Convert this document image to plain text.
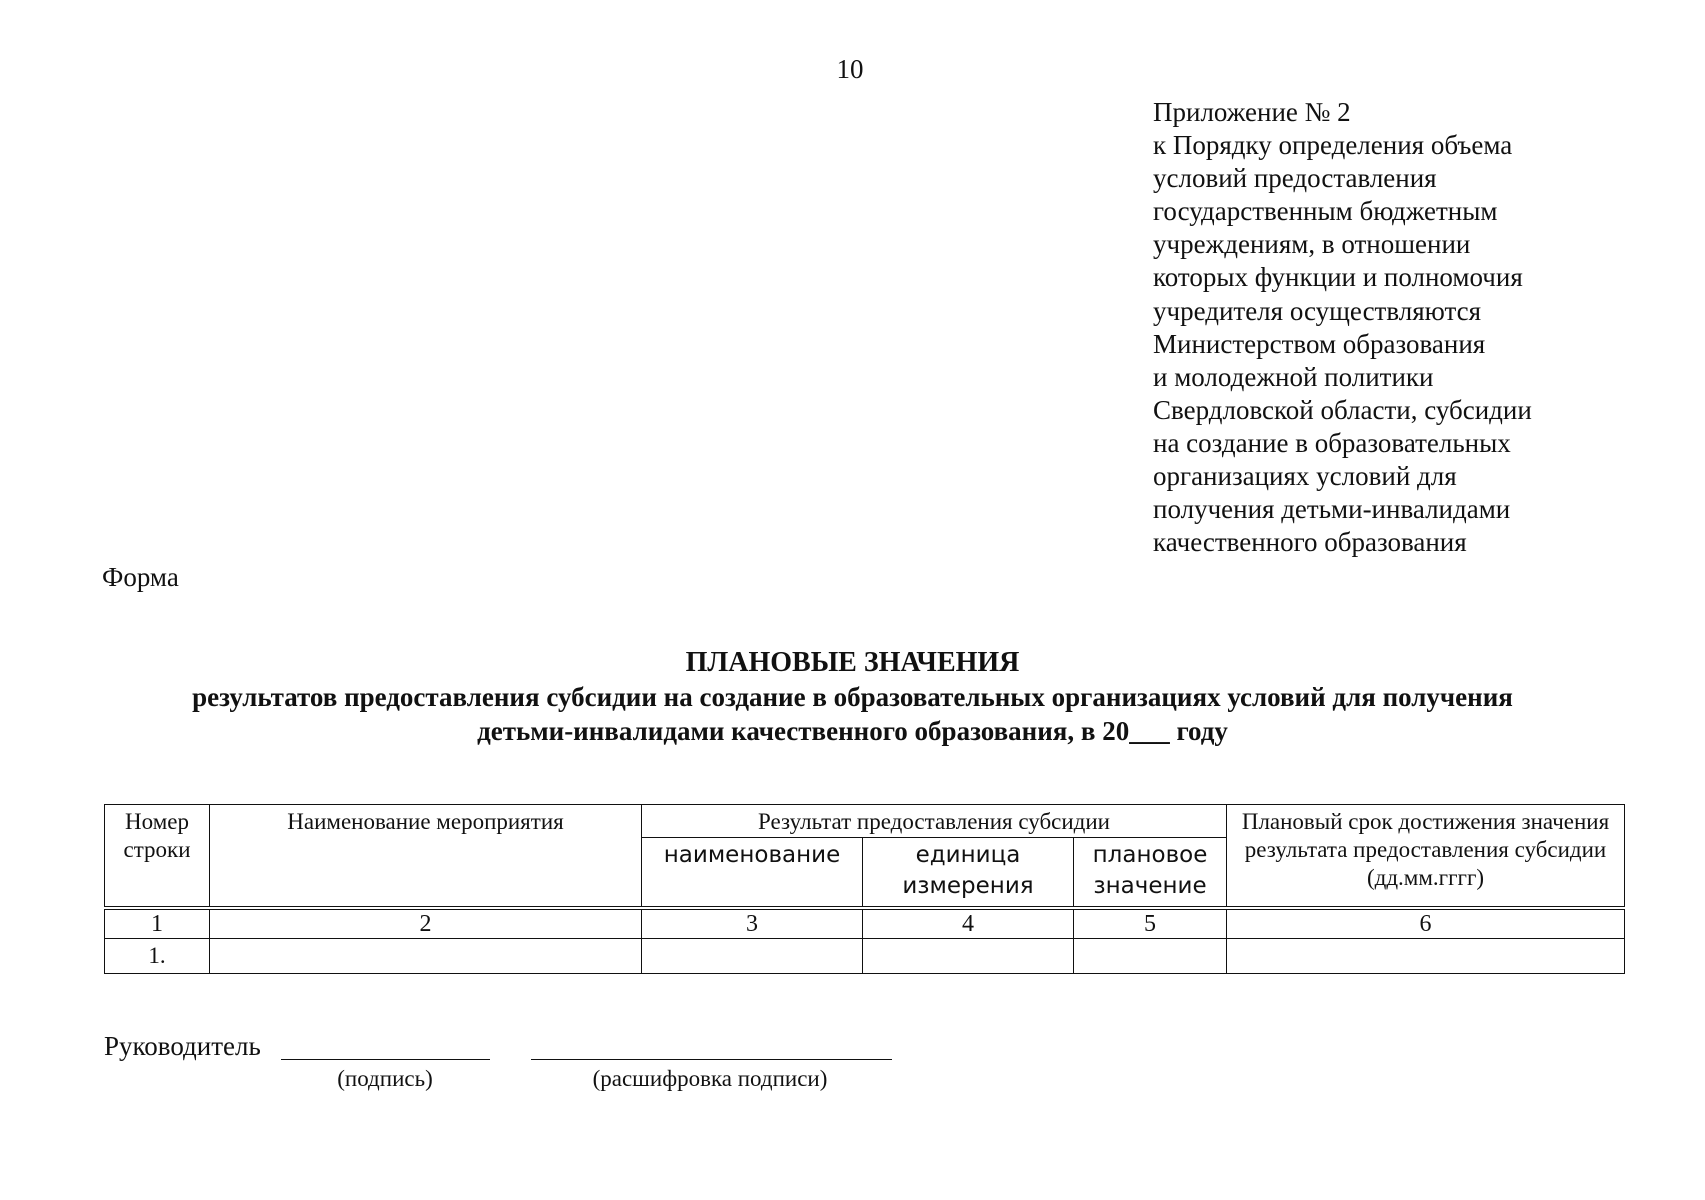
10
Приложение № 2
к Порядку определения объема
условий предоставления
государственным бюджетным
учреждениям, в отношении
которых функции и полномочия
учредителя осуществляются
Министерством образования
и молодежной политики
Свердловской области, субсидии
на создание в образовательных
организациях условий для
получения детьми-инвалидами
качественного образования
Форма
ПЛАНОВЫЕ ЗНАЧЕНИЯ
результатов предоставления субсидии на создание в образовательных организациях условий для получения
детьми-инвалидами качественного образования, в 20___ году
Номер строки	Наименование мероприятия	Результат предоставления субсидии			Плановый срок достижения значения результата предоставления субсидии (дд.мм.гггг)
		наименование	единица измерения	плановое значение	
1	2	3	4	5	6
1.					
Руководитель
(подпись)	(расшифровка подписи)
